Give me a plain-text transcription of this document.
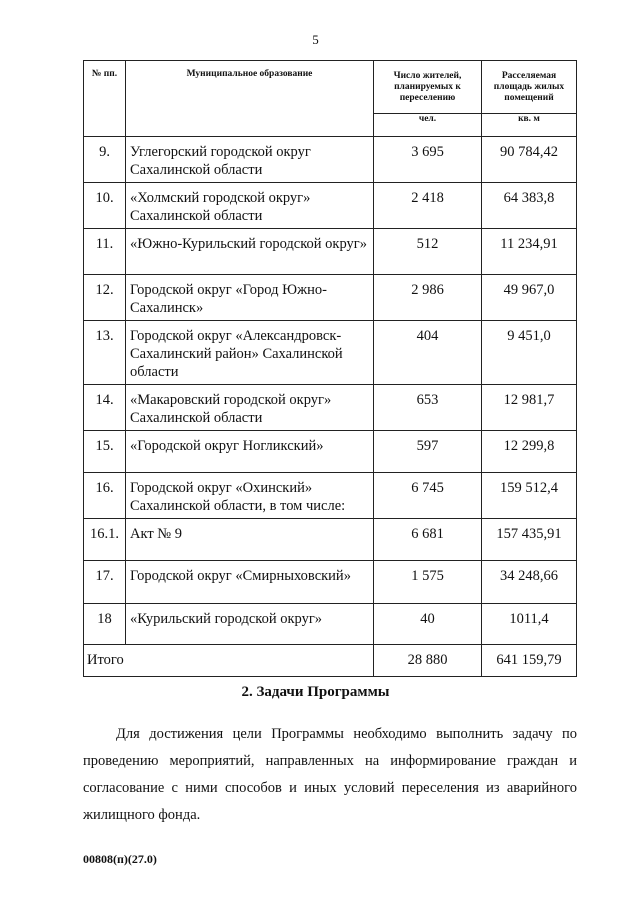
5
№ пп.	Муниципальное образование	Число жителей, планируемых к переселению	Расселяемая площадь жилых помещений
		чел.	кв. м
9.	Углегорский городской округ Сахалинской области	3 695	90 784,42
10.	«Холмский городской округ» Сахалинской области	2 418	64 383,8
11.	«Южно-Курильский городской округ»	512	11 234,91
12.	Городской округ «Город Южно-Сахалинск»	2 986	49 967,0
13.	Городской округ «Александровск-Сахалинский район» Сахалинской области	404	9 451,0
14.	«Макаровский городской округ» Сахалинской области	653	12 981,7
15.	«Городской округ Ногликский»	597	12 299,8
16.	Городской округ «Охинский» Сахалинской области, в том числе:	6 745	159 512,4
16.1.	Акт № 9	6 681	157 435,91
17.	Городской округ «Смирныховский»	1 575	34 248,66
18	«Курильский городской округ»	40	1011,4
Итого		28 880	641 159,79
2. Задачи Программы

Для достижения цели Программы необходимо выполнить задачу по проведению мероприятий, направленных на информирование граждан и согласование с ними способов и иных условий переселения из аварийного жилищного фонда.

00808(п)(27.0)
